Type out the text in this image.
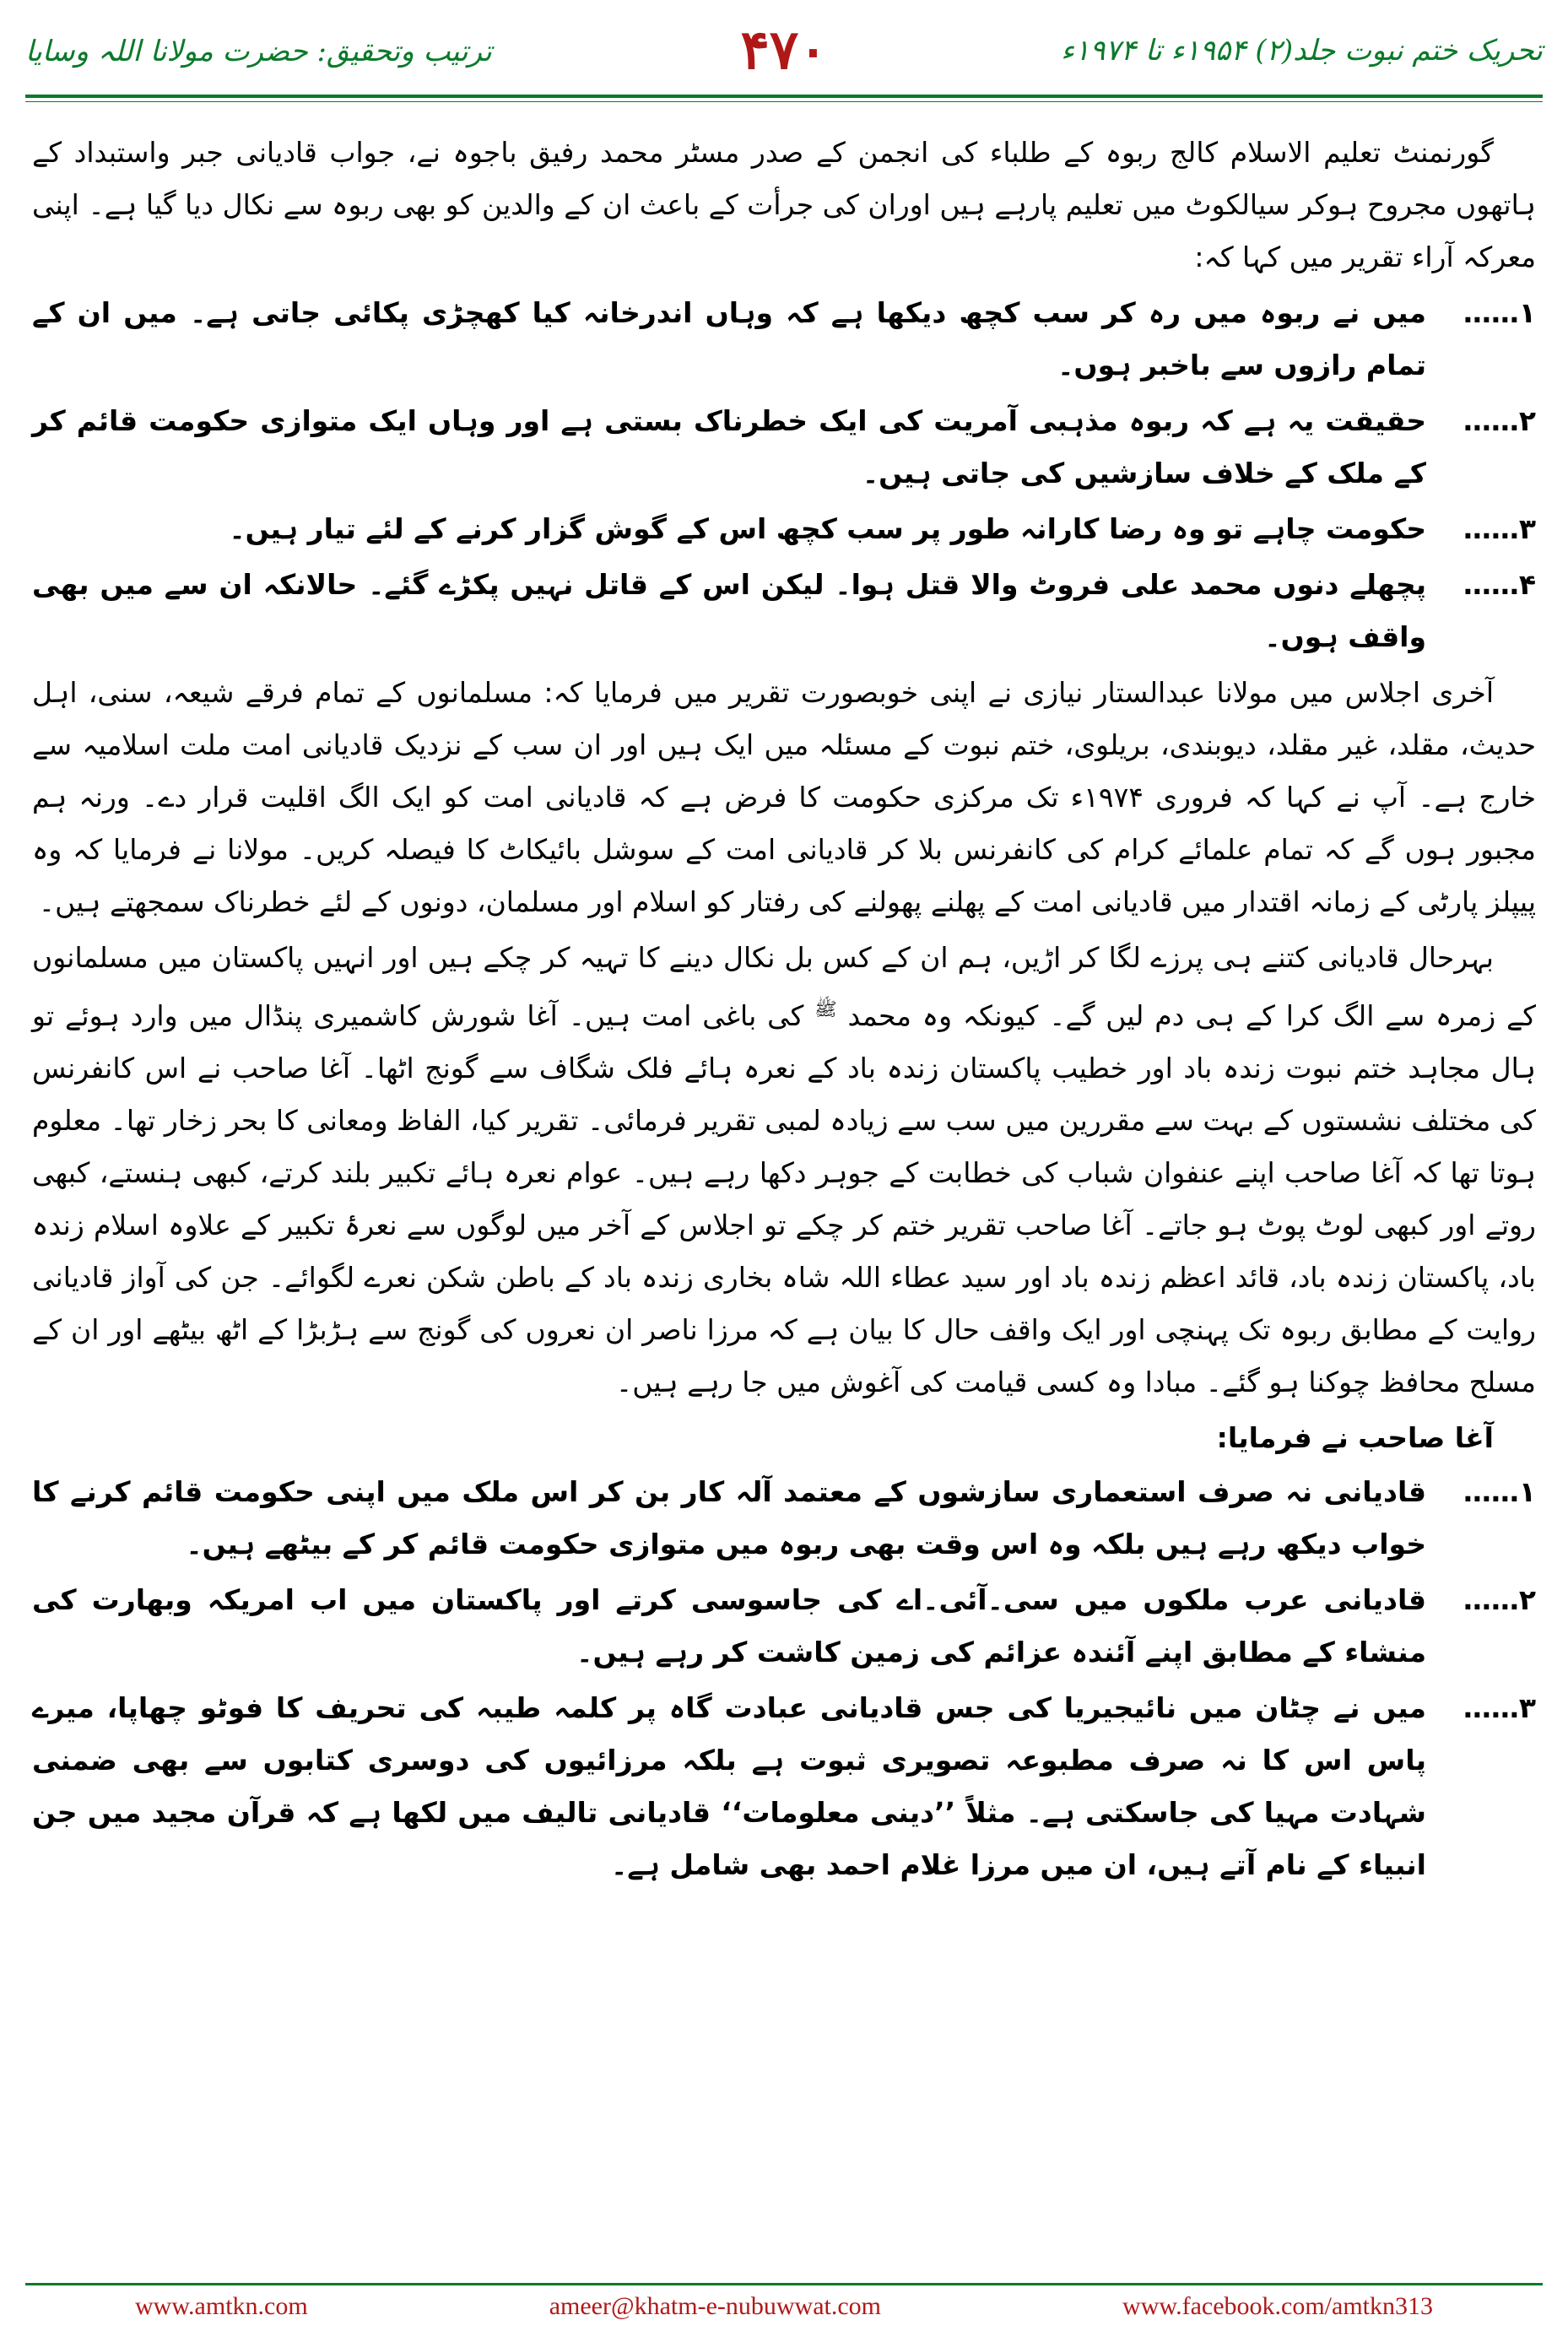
تحریک ختم نبوت جلد(۲) ۱۹۵۴ء تا ۱۹۷۴ء
۴۷۰
ترتیب وتحقیق: حضرت مولانا اللہ وسایا

گورنمنٹ تعلیم الاسلام کالج ربوہ کے طلباء کی انجمن کے صدر مسٹر محمد رفیق باجوہ نے، جواب قادیانی جبر واستبداد کے ہاتھوں مجروح ہوکر سیالکوٹ میں تعلیم پارہے ہیں اوران کی جرأت کے باعث ان کے والدین کو بھی ربوہ سے نکال دیا گیا ہے۔ اپنی معرکہ آراء تقریر میں کہا کہ:

۱……
میں نے ربوہ میں رہ کر سب کچھ دیکھا ہے کہ وہاں اندرخانہ کیا کھچڑی پکائی جاتی ہے۔ میں ان کے تمام رازوں سے باخبر ہوں۔
۲……
حقیقت یہ ہے کہ ربوہ مذہبی آمریت کی ایک خطرناک بستی ہے اور وہاں ایک متوازی حکومت قائم کر کے ملک کے خلاف سازشیں کی جاتی ہیں۔
۳……
حکومت چاہے تو وہ رضا کارانہ طور پر سب کچھ اس کے گوش گزار کرنے کے لئے تیار ہیں۔
۴……
پچھلے دنوں محمد علی فروٹ والا قتل ہوا۔ لیکن اس کے قاتل نہیں پکڑے گئے۔ حالانکہ ان سے میں بھی واقف ہوں۔

آخری اجلاس میں مولانا عبدالستار نیازی نے اپنی خوبصورت تقریر میں فرمایا کہ: مسلمانوں کے تمام فرقے شیعہ، سنی، اہل حدیث، مقلد، غیر مقلد، دیوبندی، بریلوی، ختم نبوت کے مسئلہ میں ایک ہیں اور ان سب کے نزدیک قادیانی امت ملت اسلامیہ سے خارج ہے۔ آپ نے کہا کہ فروری ۱۹۷۴ء تک مرکزی حکومت کا فرض ہے کہ قادیانی امت کو ایک الگ اقلیت قرار دے۔ ورنہ ہم مجبور ہوں گے کہ تمام علمائے کرام کی کانفرنس بلا کر قادیانی امت کے سوشل بائیکاٹ کا فیصلہ کریں۔ مولانا نے فرمایا کہ وہ پیپلز پارٹی کے زمانہ اقتدار میں قادیانی امت کے پھلنے پھولنے کی رفتار کو اسلام اور مسلمان، دونوں کے لئے خطرناک سمجھتے ہیں۔

بہرحال قادیانی کتنے ہی پرزے لگا کر اڑیں، ہم ان کے کس بل نکال دینے کا تہیہ کر چکے ہیں اور انہیں پاکستان میں مسلمانوں کے زمرہ سے الگ کرا کے ہی دم لیں گے۔ کیونکہ وہ محمد $^ﷺ$ کی باغی امت ہیں۔ آغا شورش کاشمیری پنڈال میں وارد ہوئے تو ہال مجاہد ختم نبوت زندہ باد اور خطیب پاکستان زندہ باد کے نعرہ ہائے فلک شگاف سے گونج اٹھا۔ آغا صاحب نے اس کانفرنس کی مختلف نشستوں کے بہت سے مقررین میں سب سے زیادہ لمبی تقریر فرمائی۔ تقریر کیا، الفاظ ومعانی کا بحر زخار تھا۔ معلوم ہوتا تھا کہ آغا صاحب اپنے عنفوان شباب کی خطابت کے جوہر دکھا رہے ہیں۔ عوام نعرہ ہائے تکبیر بلند کرتے، کبھی ہنستے، کبھی روتے اور کبھی لوٹ پوٹ ہو جاتے۔ آغا صاحب تقریر ختم کر چکے تو اجلاس کے آخر میں لوگوں سے نعرۂ تکبیر کے علاوہ اسلام زندہ باد، پاکستان زندہ باد، قائد اعظم زندہ باد اور سید عطاء اللہ شاہ بخاری زندہ باد کے باطن شکن نعرے لگوائے۔ جن کی آواز قادیانی روایت کے مطابق ربوہ تک پہنچی اور ایک واقف حال کا بیان ہے کہ مرزا ناصر ان نعروں کی گونج سے ہڑبڑا کے اٹھ بیٹھے اور ان کے مسلح محافظ چوکنا ہو گئے۔ مبادا وہ کسی قیامت کی آغوش میں جا رہے ہیں۔

آغا صاحب نے فرمایا:

۱……
قادیانی نہ صرف استعماری سازشوں کے معتمد آلہ کار بن کر اس ملک میں اپنی حکومت قائم کرنے کا خواب دیکھ رہے ہیں بلکہ وہ اس وقت بھی ربوہ میں متوازی حکومت قائم کر کے بیٹھے ہیں۔
۲……
قادیانی عرب ملکوں میں سی۔آئی۔اے کی جاسوسی کرتے اور پاکستان میں اب امریکہ وبھارت کی منشاء کے مطابق اپنے آئندہ عزائم کی زمین کاشت کر رہے ہیں۔
۳……
میں نے چٹان میں نائیجیریا کی جس قادیانی عبادت گاہ پر کلمہ طیبہ کی تحریف کا فوٹو چھاپا، میرے پاس اس کا نہ صرف مطبوعہ تصویری ثبوت ہے بلکہ مرزائیوں کی دوسری کتابوں سے بھی ضمنی شہادت مہیا کی جاسکتی ہے۔ مثلاً ’’دینی معلومات‘‘ قادیانی تالیف میں لکھا ہے کہ قرآن مجید میں جن انبیاء کے نام آتے ہیں، ان میں مرزا غلام احمد بھی شامل ہے۔
www.amtkn.com	ameer@khatm-e-nubuwwat.com	www.facebook.com/amtkn313
